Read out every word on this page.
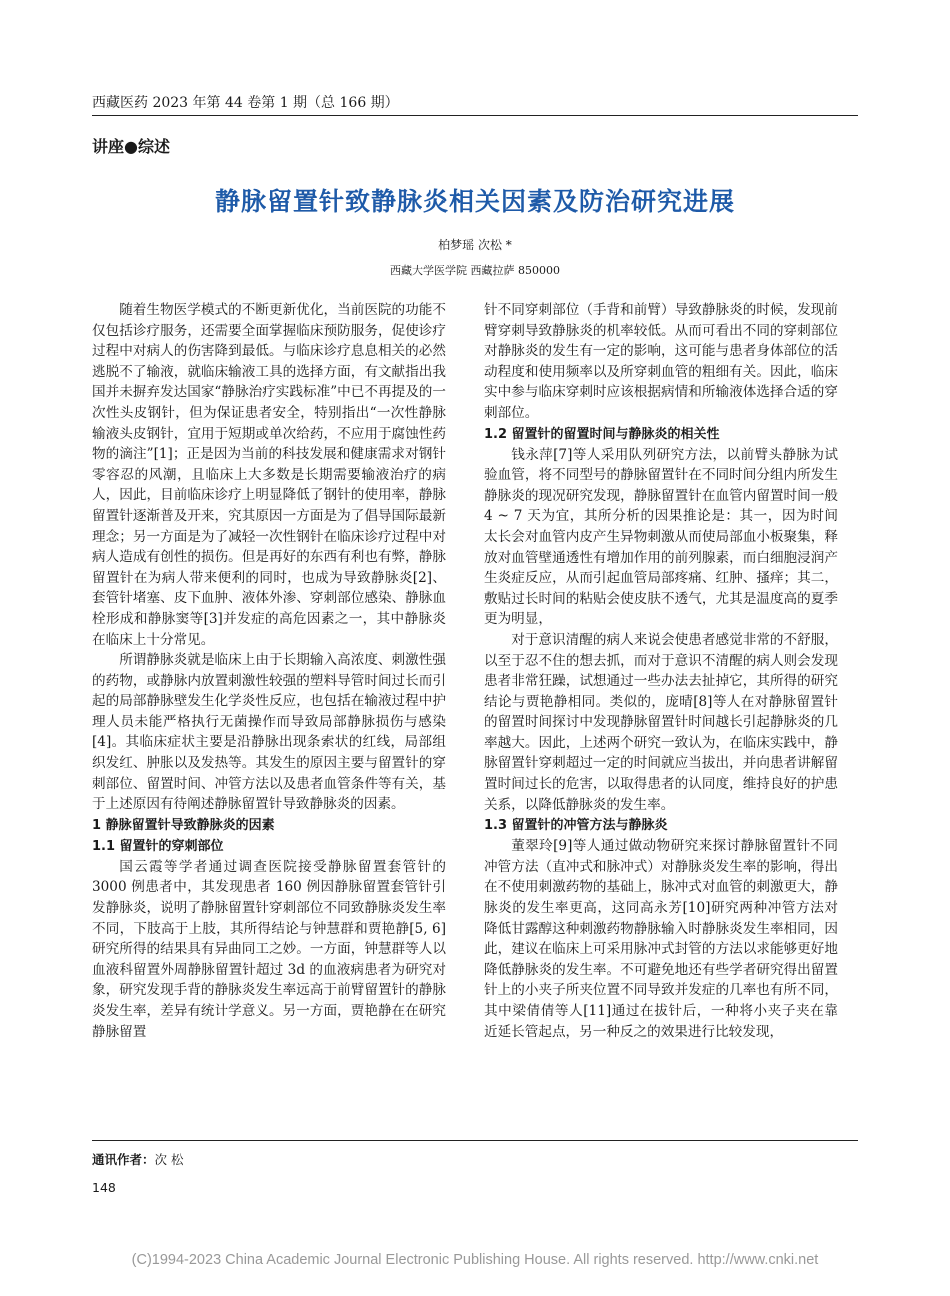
西藏医药 2023 年第 44 卷第 1 期（总 166 期）
讲座●综述
静脉留置针致静脉炎相关因素及防治研究进展
柏梦瑶 次松 *
西藏大学医学院 西藏拉萨 850000

随着生物医学模式的不断更新优化，当前医院的功能不仅包括诊疗服务，还需要全面掌握临床预防服务，促使诊疗过程中对病人的伤害降到最低。与临床诊疗息息相关的必然逃脱不了输液，就临床输液工具的选择方面，有文献指出我国并未摒弃发达国家“静脉治疗实践标准”中已不再提及的一次性头皮钢针，但为保证患者安全，特别指出“一次性静脉输液头皮钢针，宜用于短期或单次给药，不应用于腐蚀性药物的滴注”[1]；正是因为当前的科技发展和健康需求对钢针零容忍的风潮，且临床上大多数是长期需要输液治疗的病人，因此，目前临床诊疗上明显降低了钢针的使用率，静脉留置针逐渐普及开来，究其原因一方面是为了倡导国际最新理念；另一方面是为了减轻一次性钢针在临床诊疗过程中对病人造成有创性的损伤。但是再好的东西有利也有弊，静脉留置针在为病人带来便利的同时，也成为导致静脉炎[2]、套管针堵塞、皮下血肿、液体外渗、穿刺部位感染、静脉血栓形成和静脉窦等[3]并发症的高危因素之一，其中静脉炎在临床上十分常见。

所谓静脉炎就是临床上由于长期输入高浓度、刺激性强的药物，或静脉内放置刺激性较强的塑料导管时间过长而引起的局部静脉壁发生化学炎性反应，也包括在输液过程中护理人员未能严格执行无菌操作而导致局部静脉损伤与感染[4]。其临床症状主要是沿静脉出现条索状的红线，局部组织发红、肿胀以及发热等。其发生的原因主要与留置针的穿刺部位、留置时间、冲管方法以及患者血管条件等有关，基于上述原因有待阐述静脉留置针导致静脉炎的因素。

1 静脉留置针导致静脉炎的因素
1.1 留置针的穿刺部位

国云霞等学者通过调查医院接受静脉留置套管针的 3000 例患者中，其发现患者 160 例因静脉留置套管针引发静脉炎，说明了静脉留置针穿刺部位不同致静脉炎发生率不同，下肢高于上肢，其所得结论与钟慧群和贾艳静[5, 6]研究所得的结果具有异曲同工之妙。一方面，钟慧群等人以血液科留置外周静脉留置针超过 3d 的血液病患者为研究对象，研究发现手背的静脉炎发生率远高于前臂留置针的静脉炎发生率，差异有统计学意义。另一方面，贾艳静在在研究静脉留置

针不同穿刺部位（手背和前臂）导致静脉炎的时候，发现前臂穿刺导致静脉炎的机率较低。从而可看出不同的穿刺部位对静脉炎的发生有一定的影响，这可能与患者身体部位的活动程度和使用频率以及所穿刺血管的粗细有关。因此，临床实中参与临床穿刺时应该根据病情和所输液体选择合适的穿刺部位。

1.2 留置针的留置时间与静脉炎的相关性

钱永萍[7]等人采用队列研究方法，以前臂头静脉为试验血管，将不同型号的静脉留置针在不同时间分组内所发生静脉炎的现况研究发现，静脉留置针在血管内留置时间一般 4 ~ 7 天为宜，其所分析的因果推论是：其一，因为时间太长会对血管内皮产生异物刺激从而使局部血小板聚集，释放对血管壁通透性有增加作用的前列腺素，而白细胞浸润产生炎症反应，从而引起血管局部疼痛、红肿、搔痒；其二，敷贴过长时间的粘贴会使皮肤不透气，尤其是温度高的夏季更为明显，

对于意识清醒的病人来说会使患者感觉非常的不舒服，以至于忍不住的想去抓，而对于意识不清醒的病人则会发现患者非常狂躁，试想通过一些办法去扯掉它，其所得的研究结论与贾艳静相同。类似的，庞晴[8]等人在对静脉留置针的留置时间探讨中发现静脉留置针时间越长引起静脉炎的几率越大。因此，上述两个研究一致认为，在临床实践中，静脉留置针穿刺超过一定的时间就应当拔出，并向患者讲解留置时间过长的危害，以取得患者的认同度，维持良好的护患关系，以降低静脉炎的发生率。

1.3 留置针的冲管方法与静脉炎

董翠玲[9]等人通过做动物研究来探讨静脉留置针不同冲管方法（直冲式和脉冲式）对静脉炎发生率的影响，得出在不使用刺激药物的基础上，脉冲式对血管的刺激更大，静脉炎的发生率更高，这同高永芳[10]研究两种冲管方法对降低甘露醇这种刺激药物静脉输入时静脉炎发生率相同，因此，建议在临床上可采用脉冲式封管的方法以求能够更好地降低静脉炎的发生率。不可避免地还有些学者研究得出留置针上的小夹子所夹位置不同导致并发症的几率也有所不同，其中梁倩倩等人[11]通过在拔针后，一种将小夹子夹在靠近延长管起点，另一种反之的效果进行比较发现，

通讯作者：次 松
148
(C)1994-2023 China Academic Journal Electronic Publishing House. All rights reserved. http://www.cnki.net
